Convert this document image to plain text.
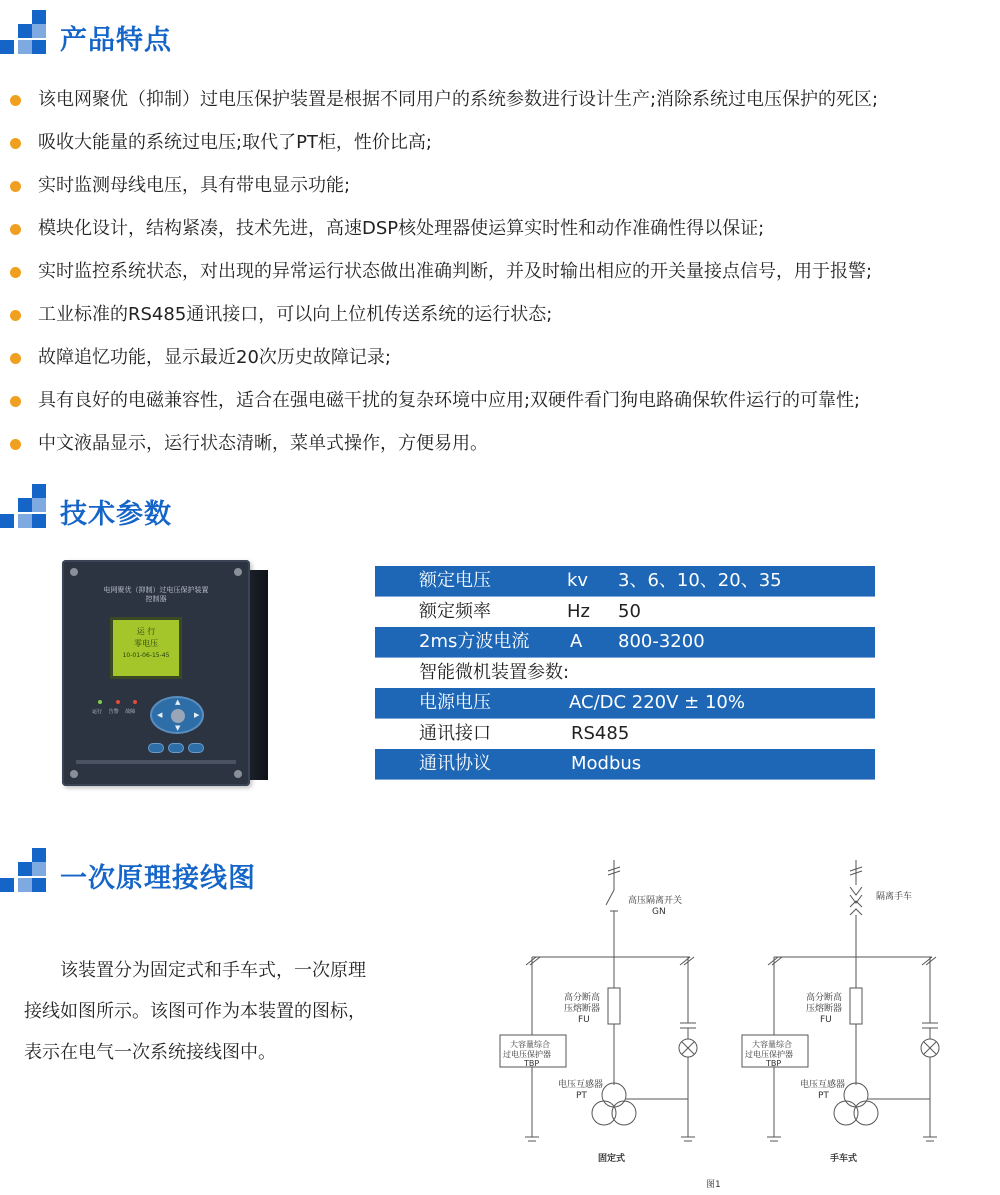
产品特点
该电网聚优（抑制）过电压保护装置是根据不同用户的系统参数进行设计生产;消除系统过电压保护的死区;
吸收大能量的系统过电压;取代了PT柜，性价比高;
实时监测母线电压，具有带电显示功能;
模块化设计，结构紧凑，技术先进，高速DSP核处理器使运算实时性和动作准确性得以保证;
实时监控系统状态，对出现的异常运行状态做出准确判断，并及时输出相应的开关量接点信号，用于报警;
工业标准的RS485通讯接口，可以向上位机传送系统的运行状态;
故障追忆功能，显示最近20次历史故障记录;
具有良好的电磁兼容性，适合在强电磁干扰的复杂环境中应用;双硬件看门狗电路确保软件运行的可靠性;
中文液晶显示，运行状态清晰，菜单式操作，方便易用。
技术参数
电网聚优（抑制）过电压保护装置
控制器
运 行
零电压
10-01-06-15-45

运行 告警 故障
▲
▼
◀	▶
额定电压	kv 3、6、10、20、35
额定频率	Hz 50
2ms方波电流 A 800-3200
智能微机装置参数:
电源电压	AC/DC 220V ± 10%
通讯接口	RS485
通讯协议	Modbus
一次原理接线图

　　该装置分为固定式和手车式，一次原理

接线如图所示。该图可作为本装置的图标，

表示在电气一次系统接线图中。

高压隔离开关
GN
高分断高
压熔断器
FU
大容量综合
过电压保护器
TBP
电压互感器
PT
固定式
隔离手车
高分断高
压熔断器
FU
大容量综合
过电压保护器
TBP
电压互感器
PT
手车式
图1
